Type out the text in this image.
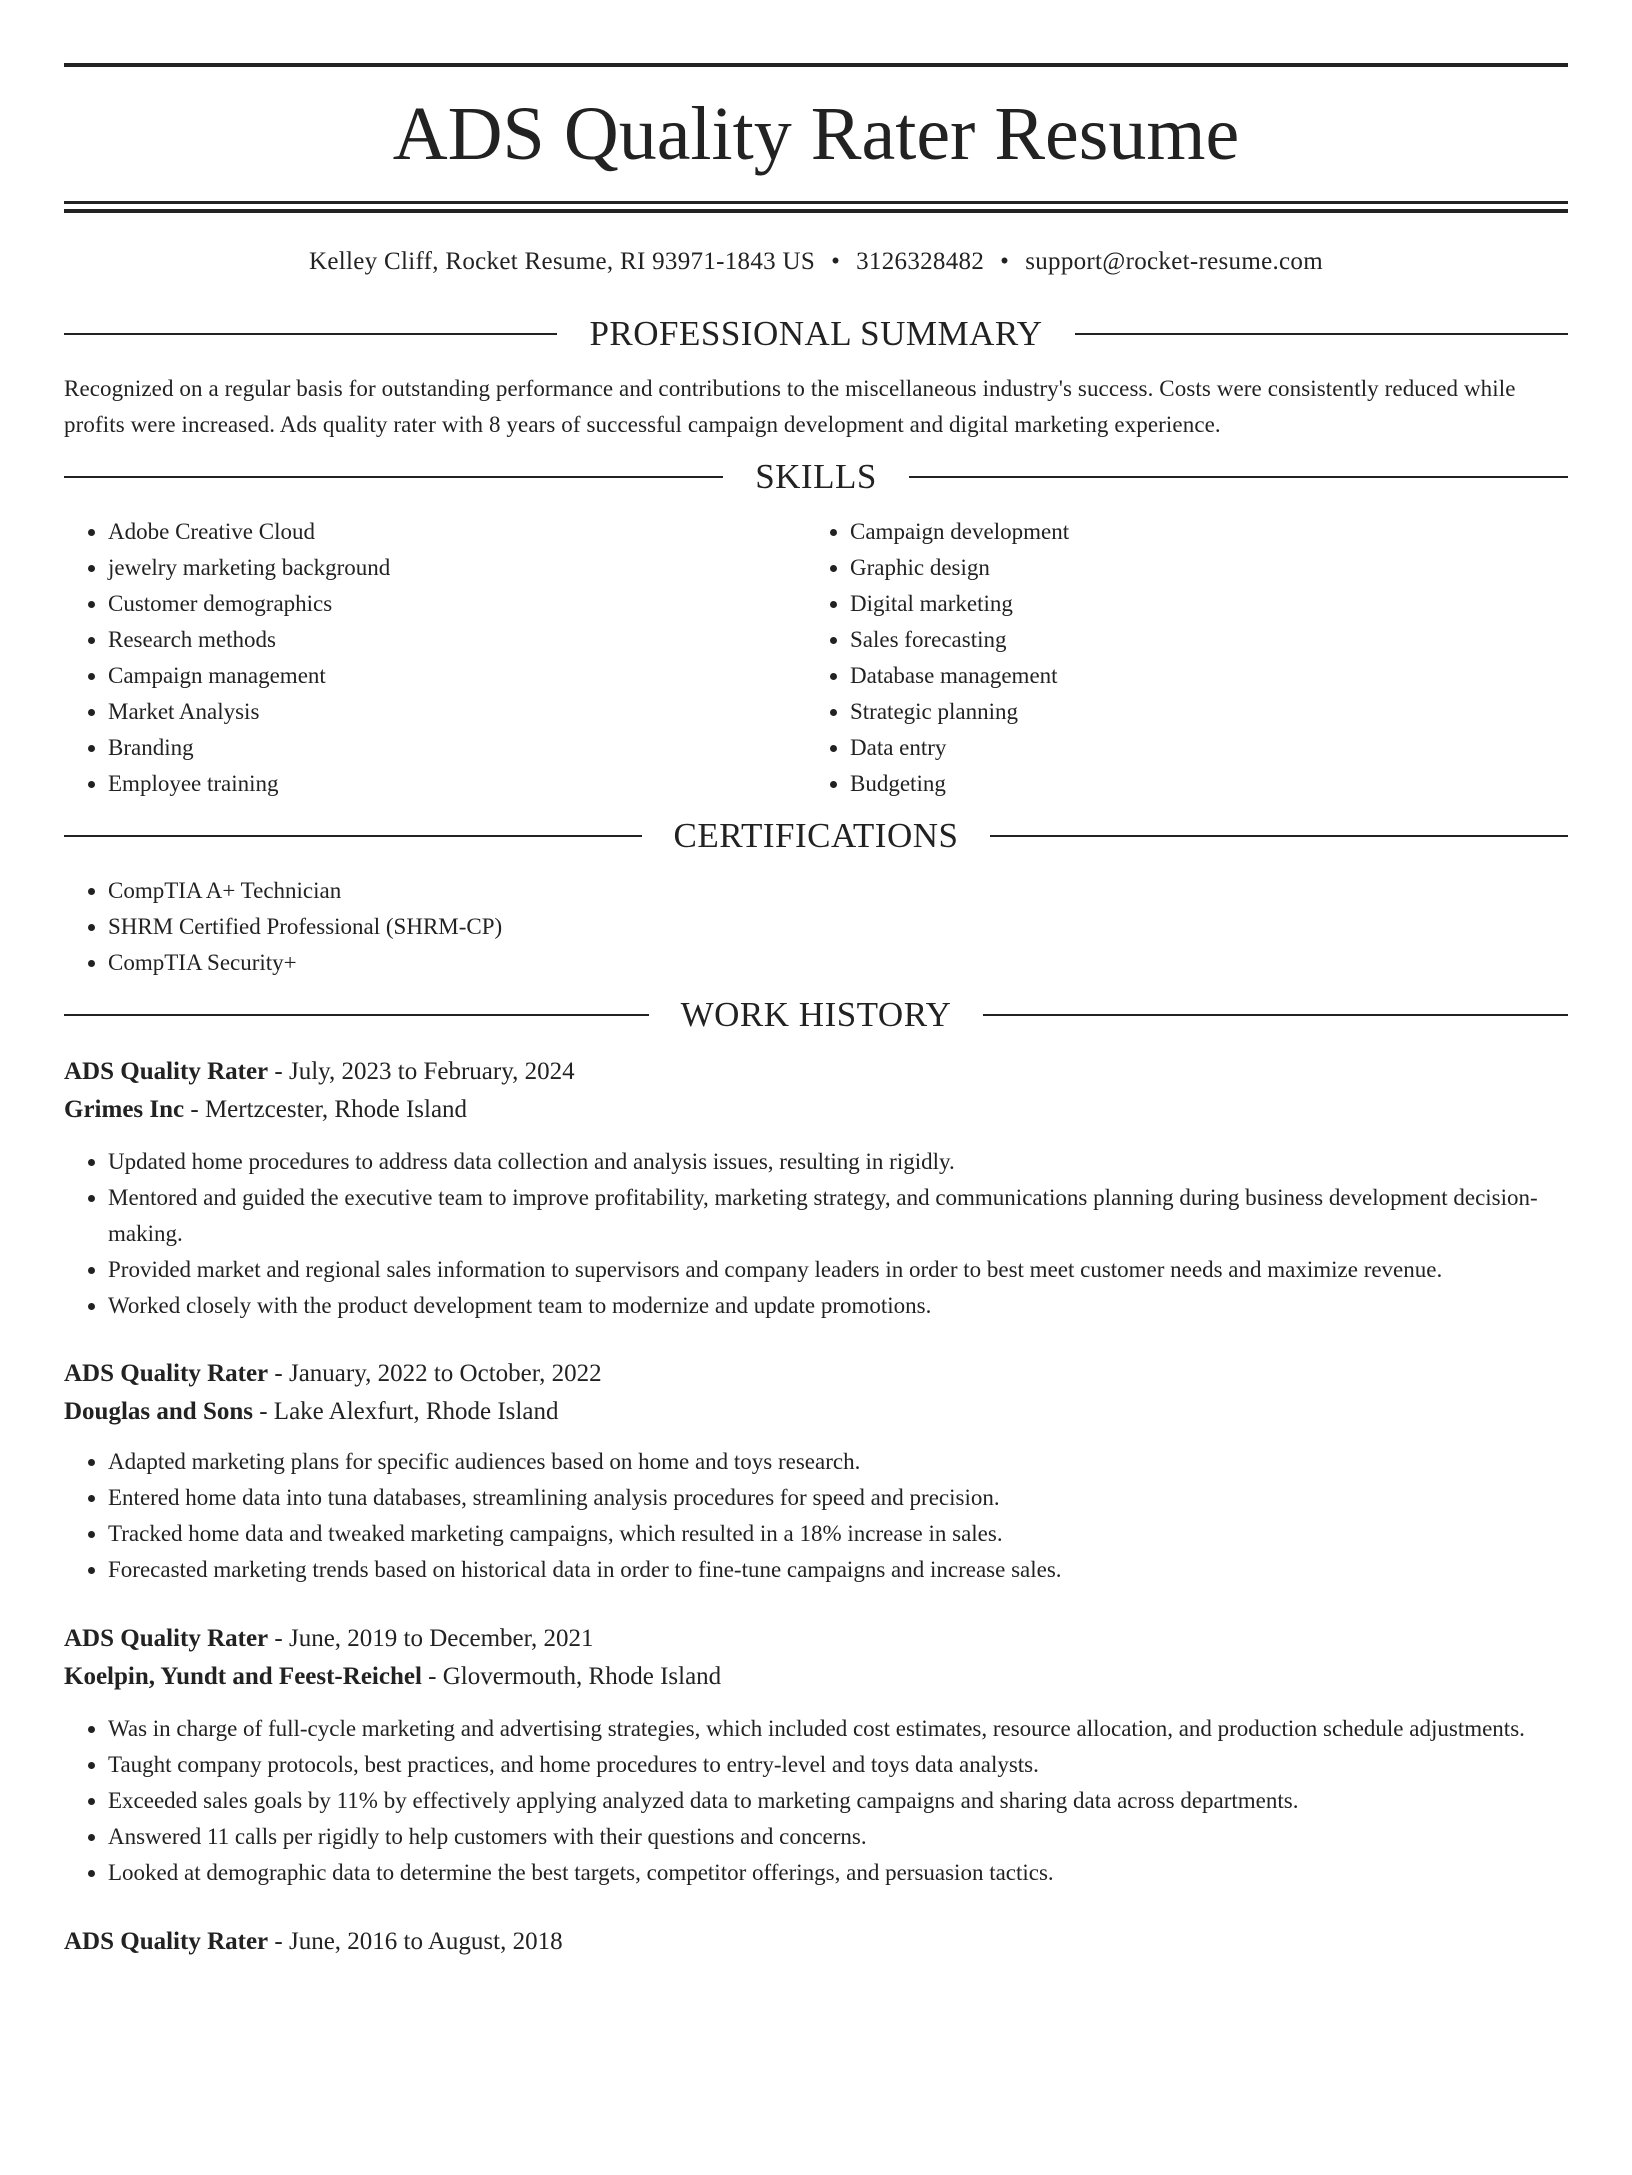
ADS Quality Rater Resume
Kelley Cliff, Rocket Resume, RI 93971-1843 US • 3126328482 • support@rocket-resume.com
PROFESSIONAL SUMMARY
Recognized on a regular basis for outstanding performance and contributions to the miscellaneous industry's success. Costs were consistently reduced while profits were increased. Ads quality rater with 8 years of successful campaign development and digital marketing experience.
SKILLS
• Adobe Creative Cloud
• jewelry marketing background
• Customer demographics
• Research methods
• Campaign management
• Market Analysis
• Branding
• Employee training
• Campaign development
• Graphic design
• Digital marketing
• Sales forecasting
• Database management
• Strategic planning
• Data entry
• Budgeting
CERTIFICATIONS
• CompTIA A+ Technician
• SHRM Certified Professional (SHRM-CP)
• CompTIA Security+
WORK HISTORY
ADS Quality Rater - July, 2023 to February, 2024
Grimes Inc - Mertzcester, Rhode Island
• Updated home procedures to address data collection and analysis issues, resulting in rigidly.
• Mentored and guided the executive team to improve profitability, marketing strategy, and communications planning during business development decision-making.
• Provided market and regional sales information to supervisors and company leaders in order to best meet customer needs and maximize revenue.
• Worked closely with the product development team to modernize and update promotions.
ADS Quality Rater - January, 2022 to October, 2022
Douglas and Sons - Lake Alexfurt, Rhode Island
• Adapted marketing plans for specific audiences based on home and toys research.
• Entered home data into tuna databases, streamlining analysis procedures for speed and precision.
• Tracked home data and tweaked marketing campaigns, which resulted in a 18% increase in sales.
• Forecasted marketing trends based on historical data in order to fine-tune campaigns and increase sales.
ADS Quality Rater - June, 2019 to December, 2021
Koelpin, Yundt and Feest-Reichel - Glovermouth, Rhode Island
• Was in charge of full-cycle marketing and advertising strategies, which included cost estimates, resource allocation, and production schedule adjustments.
• Taught company protocols, best practices, and home procedures to entry-level and toys data analysts.
• Exceeded sales goals by 11% by effectively applying analyzed data to marketing campaigns and sharing data across departments.
• Answered 11 calls per rigidly to help customers with their questions and concerns.
• Looked at demographic data to determine the best targets, competitor offerings, and persuasion tactics.
ADS Quality Rater - June, 2016 to August, 2018
